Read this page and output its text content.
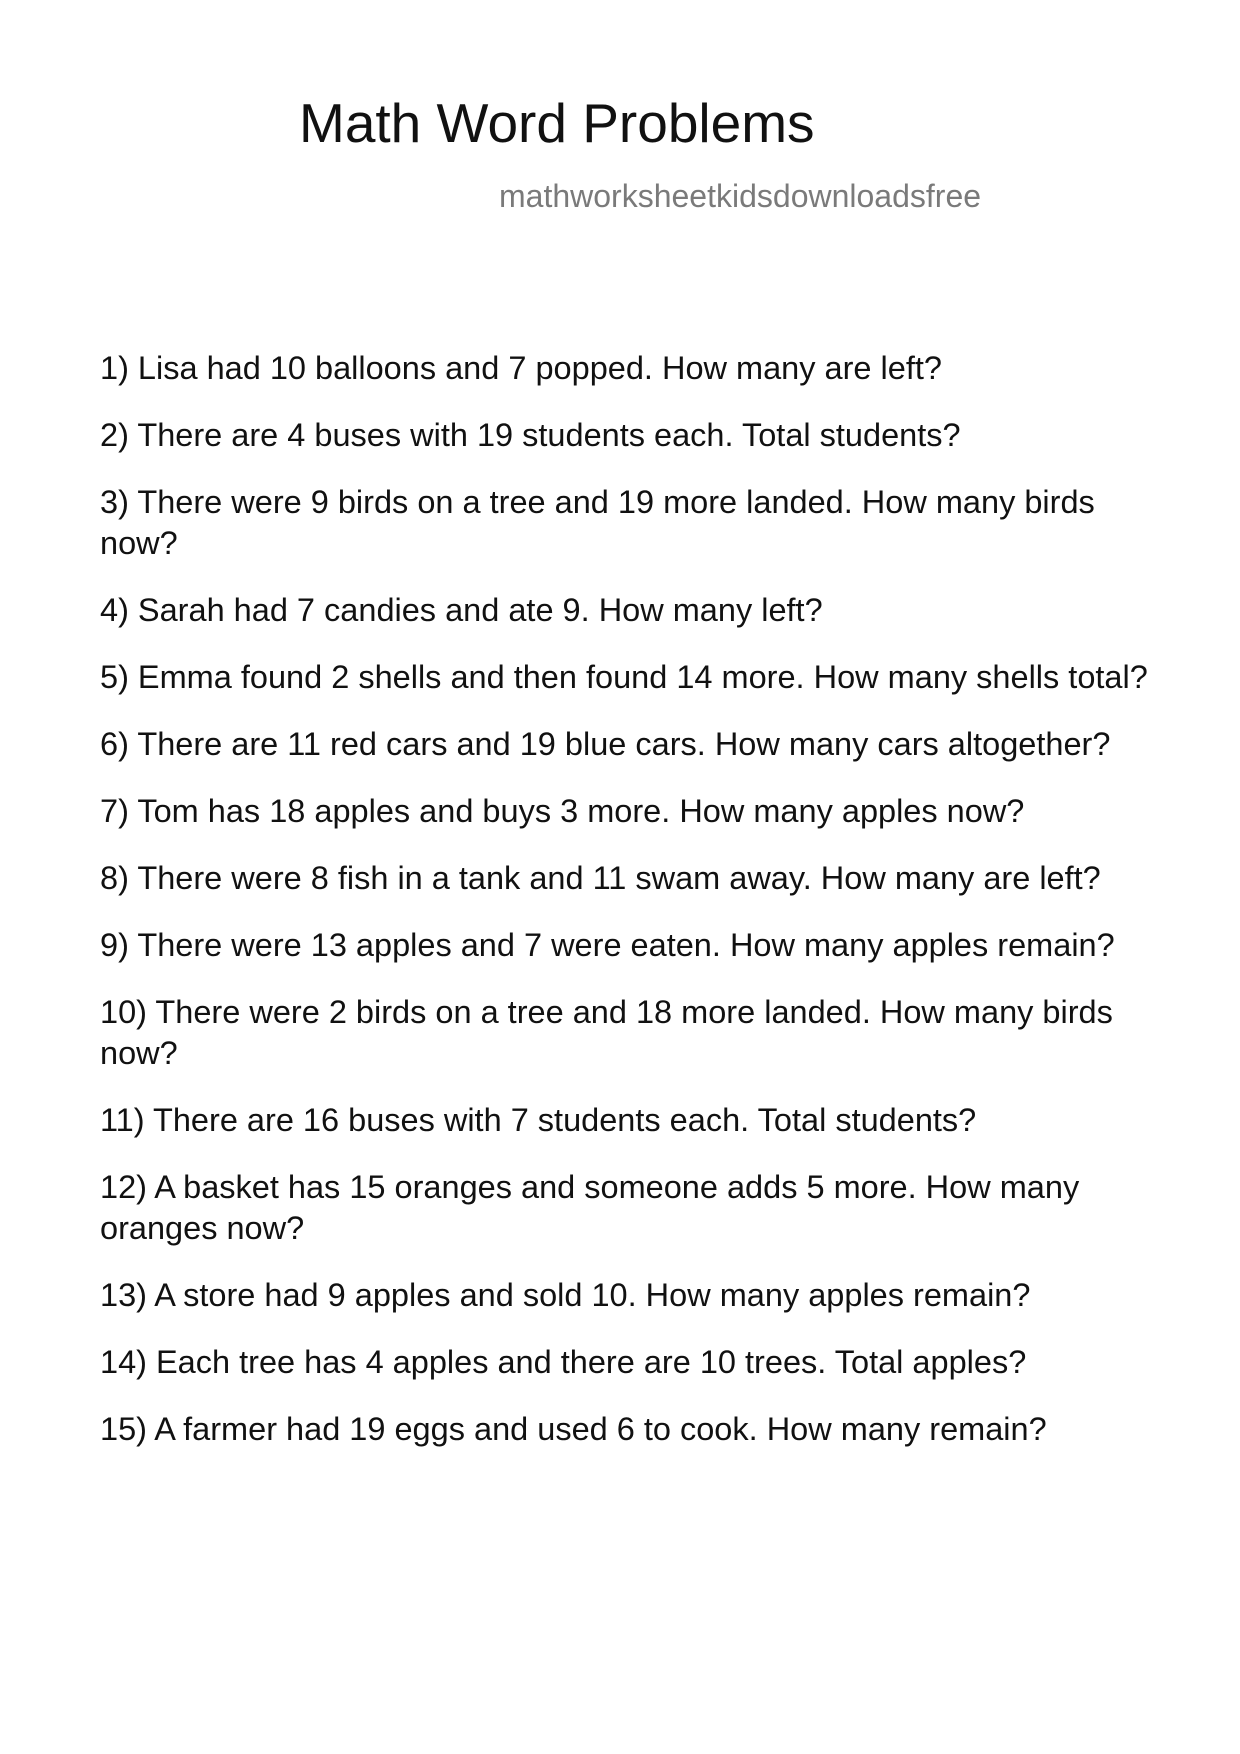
Math Word Problems

mathworksheetkidsdownloadsfree

1) Lisa had 10 balloons and 7 popped. How many are left?
2) There are 4 buses with 19 students each. Total students?
3) There were 9 birds on a tree and 19 more landed. How many birds now?
4) Sarah had 7 candies and ate 9. How many left?
5) Emma found 2 shells and then found 14 more. How many shells total?
6) There are 11 red cars and 19 blue cars. How many cars altogether?
7) Tom has 18 apples and buys 3 more. How many apples now?
8) There were 8 fish in a tank and 11 swam away. How many are left?
9) There were 13 apples and 7 were eaten. How many apples remain?
10) There were 2 birds on a tree and 18 more landed. How many birds now?
11) There are 16 buses with 7 students each. Total students?
12) A basket has 15 oranges and someone adds 5 more. How many oranges now?
13) A store had 9 apples and sold 10. How many apples remain?
14) Each tree has 4 apples and there are 10 trees. Total apples?
15) A farmer had 19 eggs and used 6 to cook. How many remain?
